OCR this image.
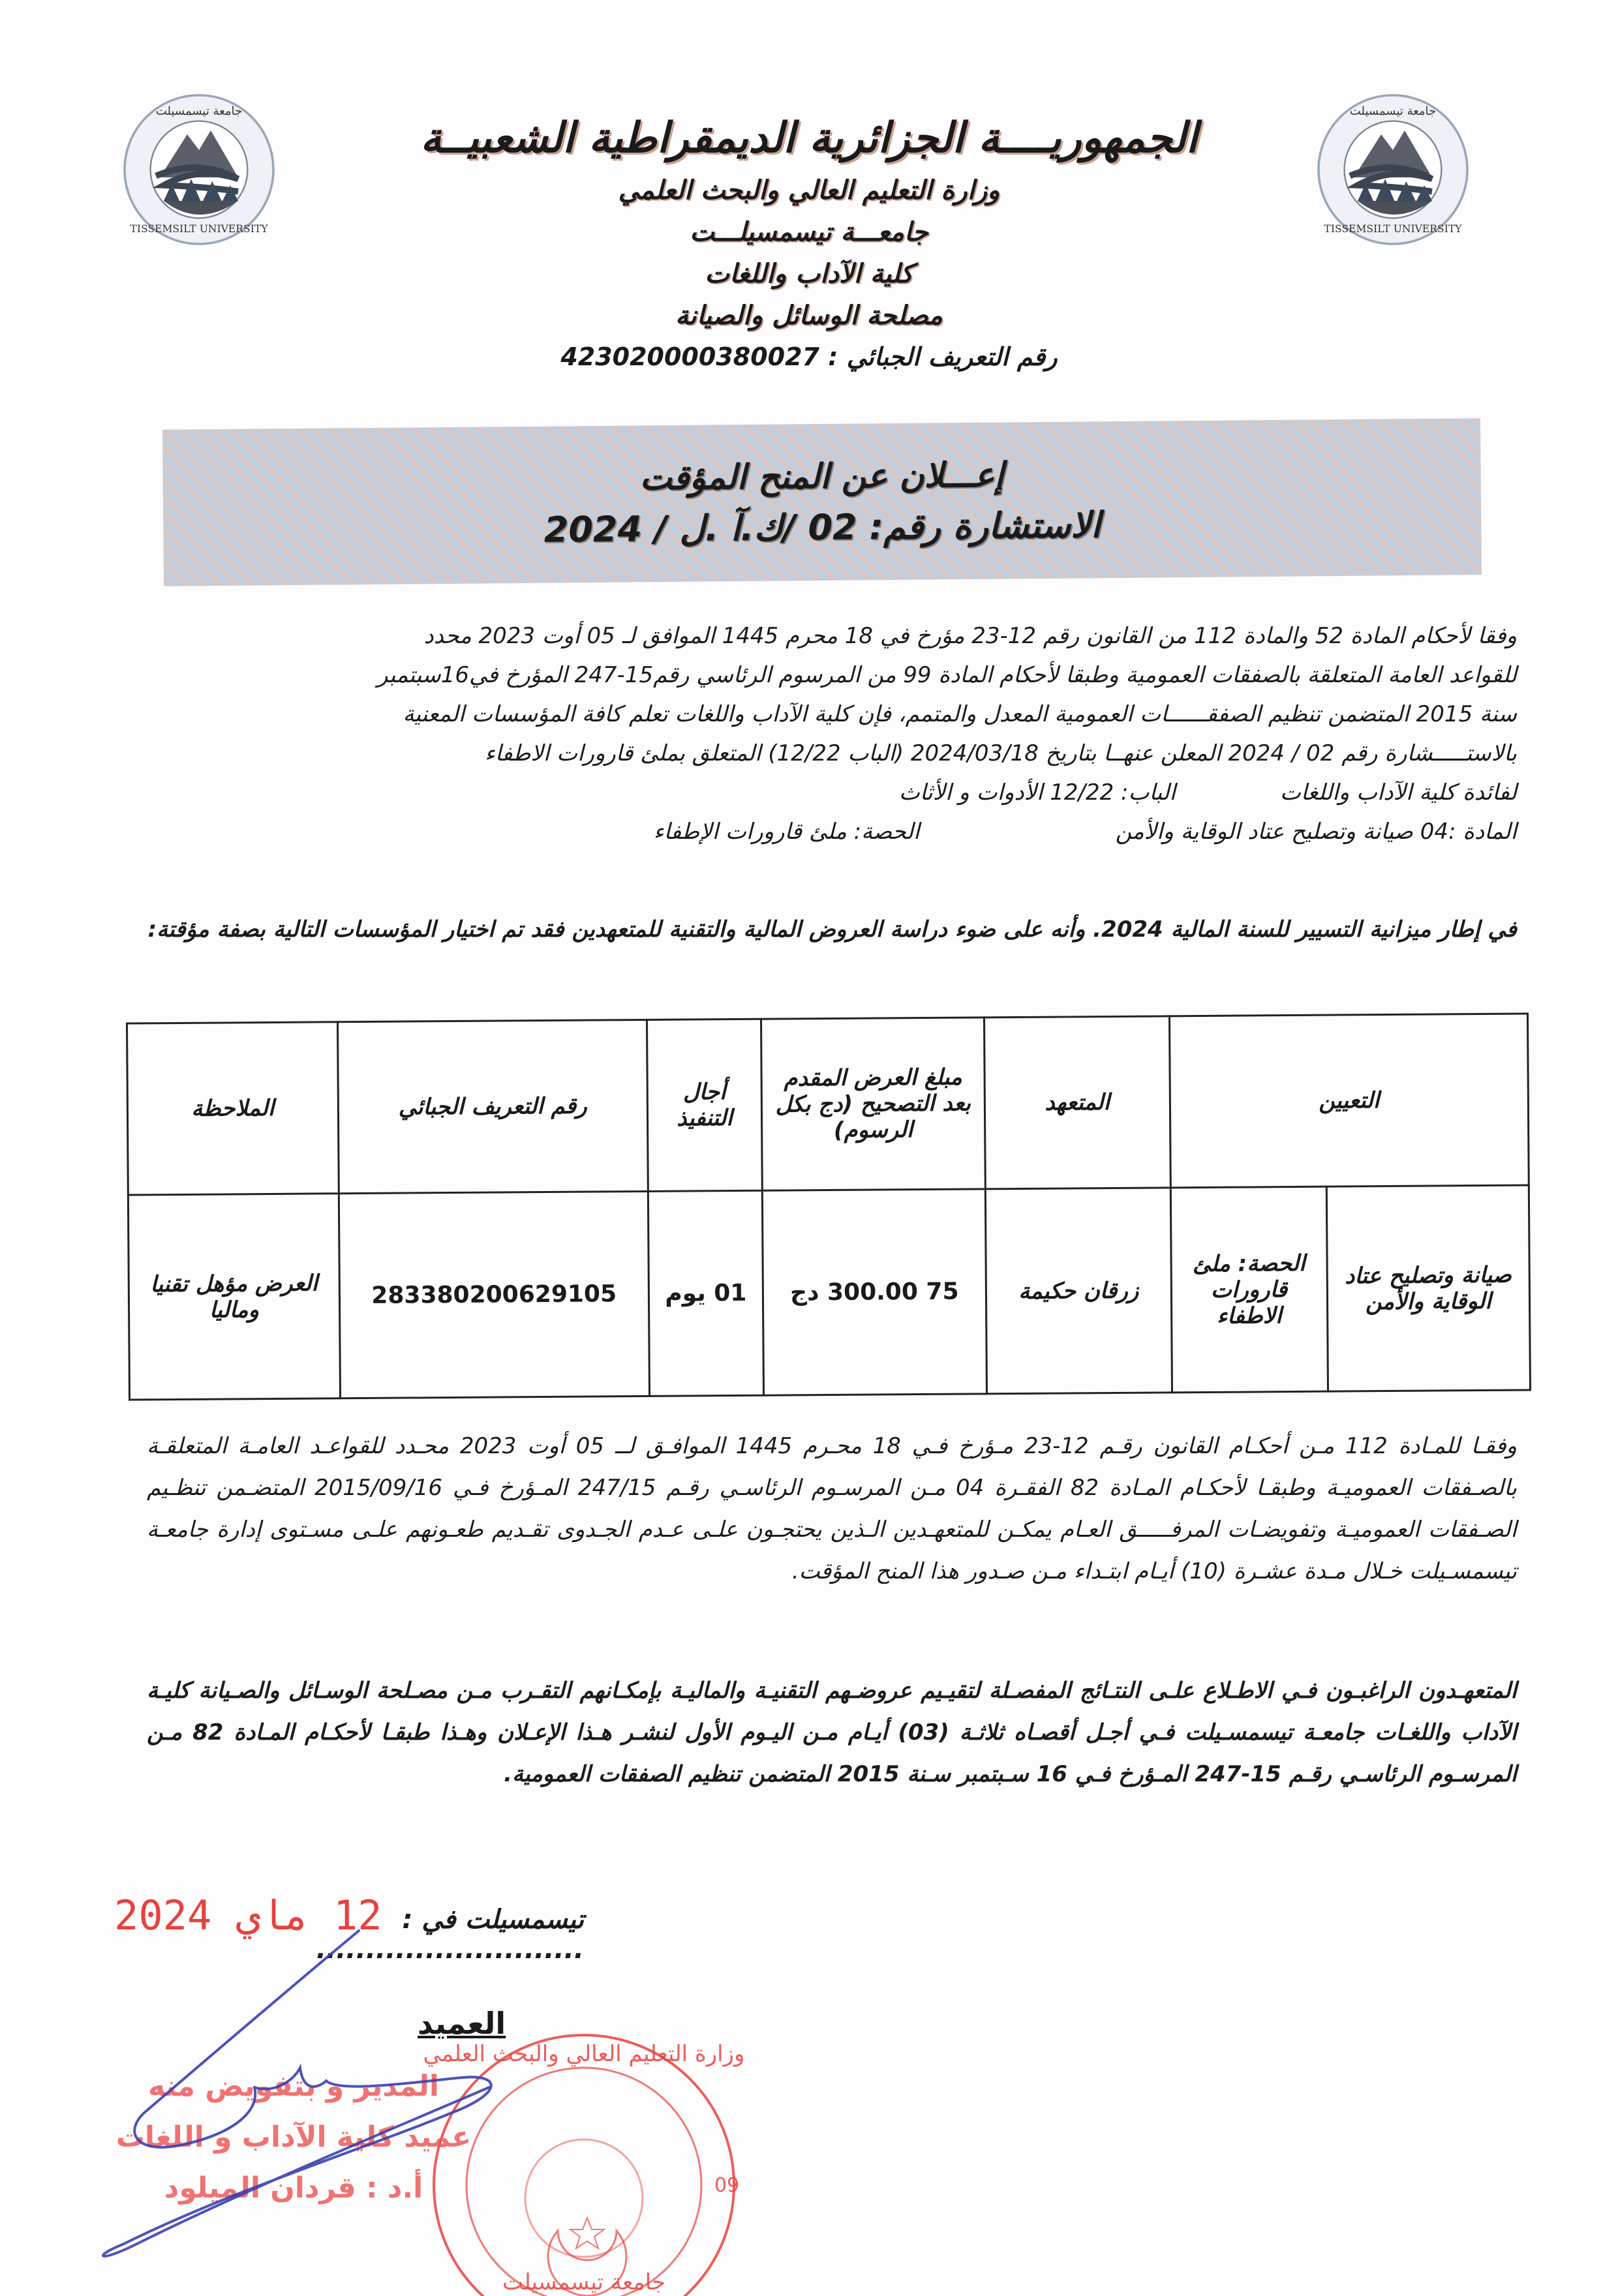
TISSEMSILT UNIVERSITY
جامعة تيسمسيلت
TISSEMSILT UNIVERSITY
جامعة تيسمسيلت
الجمهوريــــة الجزائرية الديمقراطية الشعبيــة
وزارة التعليم العالي والبحث العلمي
جامعـــة تيسمسيلـــت
كلية الآداب واللغات
مصلحة الوسائل والصيانة
رقم التعريف الجبائي : 423020000380027
إعـــلان عن المنح المؤقت
الاستشارة رقم: 02 /ك.آ .ل / 2024
وفقا لأحكام المادة 52 والمادة 112 من القانون رقم 12-23 مؤرخ في 18 محرم 1445 الموافق لـ 05 أوت 2023 محدد
للقواعد العامة المتعلقة بالصفقات العمومية وطبقا لأحكام المادة 99 من المرسوم الرئاسي رقم15-247 المؤرخ في16سبتمبر
سنة 2015 المتضمن تنظيم الصفقــــــات العمومية المعدل والمتمم، فإن كلية الآداب واللغات تعلم كافة المؤسسات المعنية
بالاستـــــشارة رقم 02 / 2024 المعلن عنهــا بتاريخ 2024/03/18 (الباب 12/22) المتعلق بملئ قارورات الاطفاء
لفائدة كلية الآداب واللغات
الباب: 12/22 الأدوات و الأثاث
المادة :04 صيانة وتصليح عتاد الوقاية والأمن
الحصة: ملئ قارورات الإطفاء
في إطار ميزانية التسيير للسنة المالية 2024. وأنه على ضوء دراسة العروض المالية والتقنية للمتعهدين فقد تم اختيار المؤسسات التالية بصفة مؤقتة:
التعيين		المتعهد	مبلغ العرض المقدم بعد التصحيح (دج بكل الرسوم)	أجال التنفيذ	رقم التعريف الجبائي	الملاحظة
صيانة وتصليح عتاد الوقاية والأمن	الحصة: ملئ قارورات الاطفاء	زرقان حكيمة	75 300.00 دج	01 يوم	283380200629105	العرض مؤهل تقنيا وماليا
وفقـا للمـادة 112 مـن أحكـام القانون رقـم 12-23 مـؤرخ فـي 18 محـرم 1445 الموافـق لــ 05 أوت 2023 محـدد للقواعـد العامـة المتعلقـة بالصـفقات العموميـة وطبقـا لأحكـام المـادة 82 الفقـرة 04 مـن المرسـوم الرئاسـي رقـم 247/15 المـؤرخ فـي 2015/09/16 المتضـمن تنظـيم الصـفقات العموميـة وتفويضـات المرفـــــق العـام يمكـن للمتعهـدين الـذين يحتجـون علـى عـدم الجـدوى تقـديم طعـونهم علـى مسـتوى إدارة جامعـة تيسمسـيلت خـلال مـدة عشـرة (10) أيـام ابتـداء مـن صـدور هذا المنح المؤقت.
المتعهـدون الراغبـون فـي الاطـلاع علـى النتـائج المفصـلة لتقيـيم عروضـهم التقنيـة والماليـة بإمكـانهم التقـرب مـن مصـلحة الوسـائل والصـيانة كليـة الآداب واللغـات جامعـة تيسمسـيلت فـي أجـل أقصـاه ثلاثـة (03) أيـام مـن اليـوم الأول لنشـر هـذا الإعـلان وهـذا طبقـا لأحكـام المـادة 82 مـن المرسـوم الرئاسـي رقـم 15-247 المـؤرخ فـي 16 سـبتمبر سـنة 2015 المتضمن تنظيم الصفقات العمومية.
12 ماي 2024 تيسمسيلت في : ...........................
وزارة التعليم العالي والبحث العلمي
جامعة تيسمسيلت
09
العميد
المدير و بتفويض منه
عميد كلية الآداب و اللغات
أ.د : قردان الميلود
